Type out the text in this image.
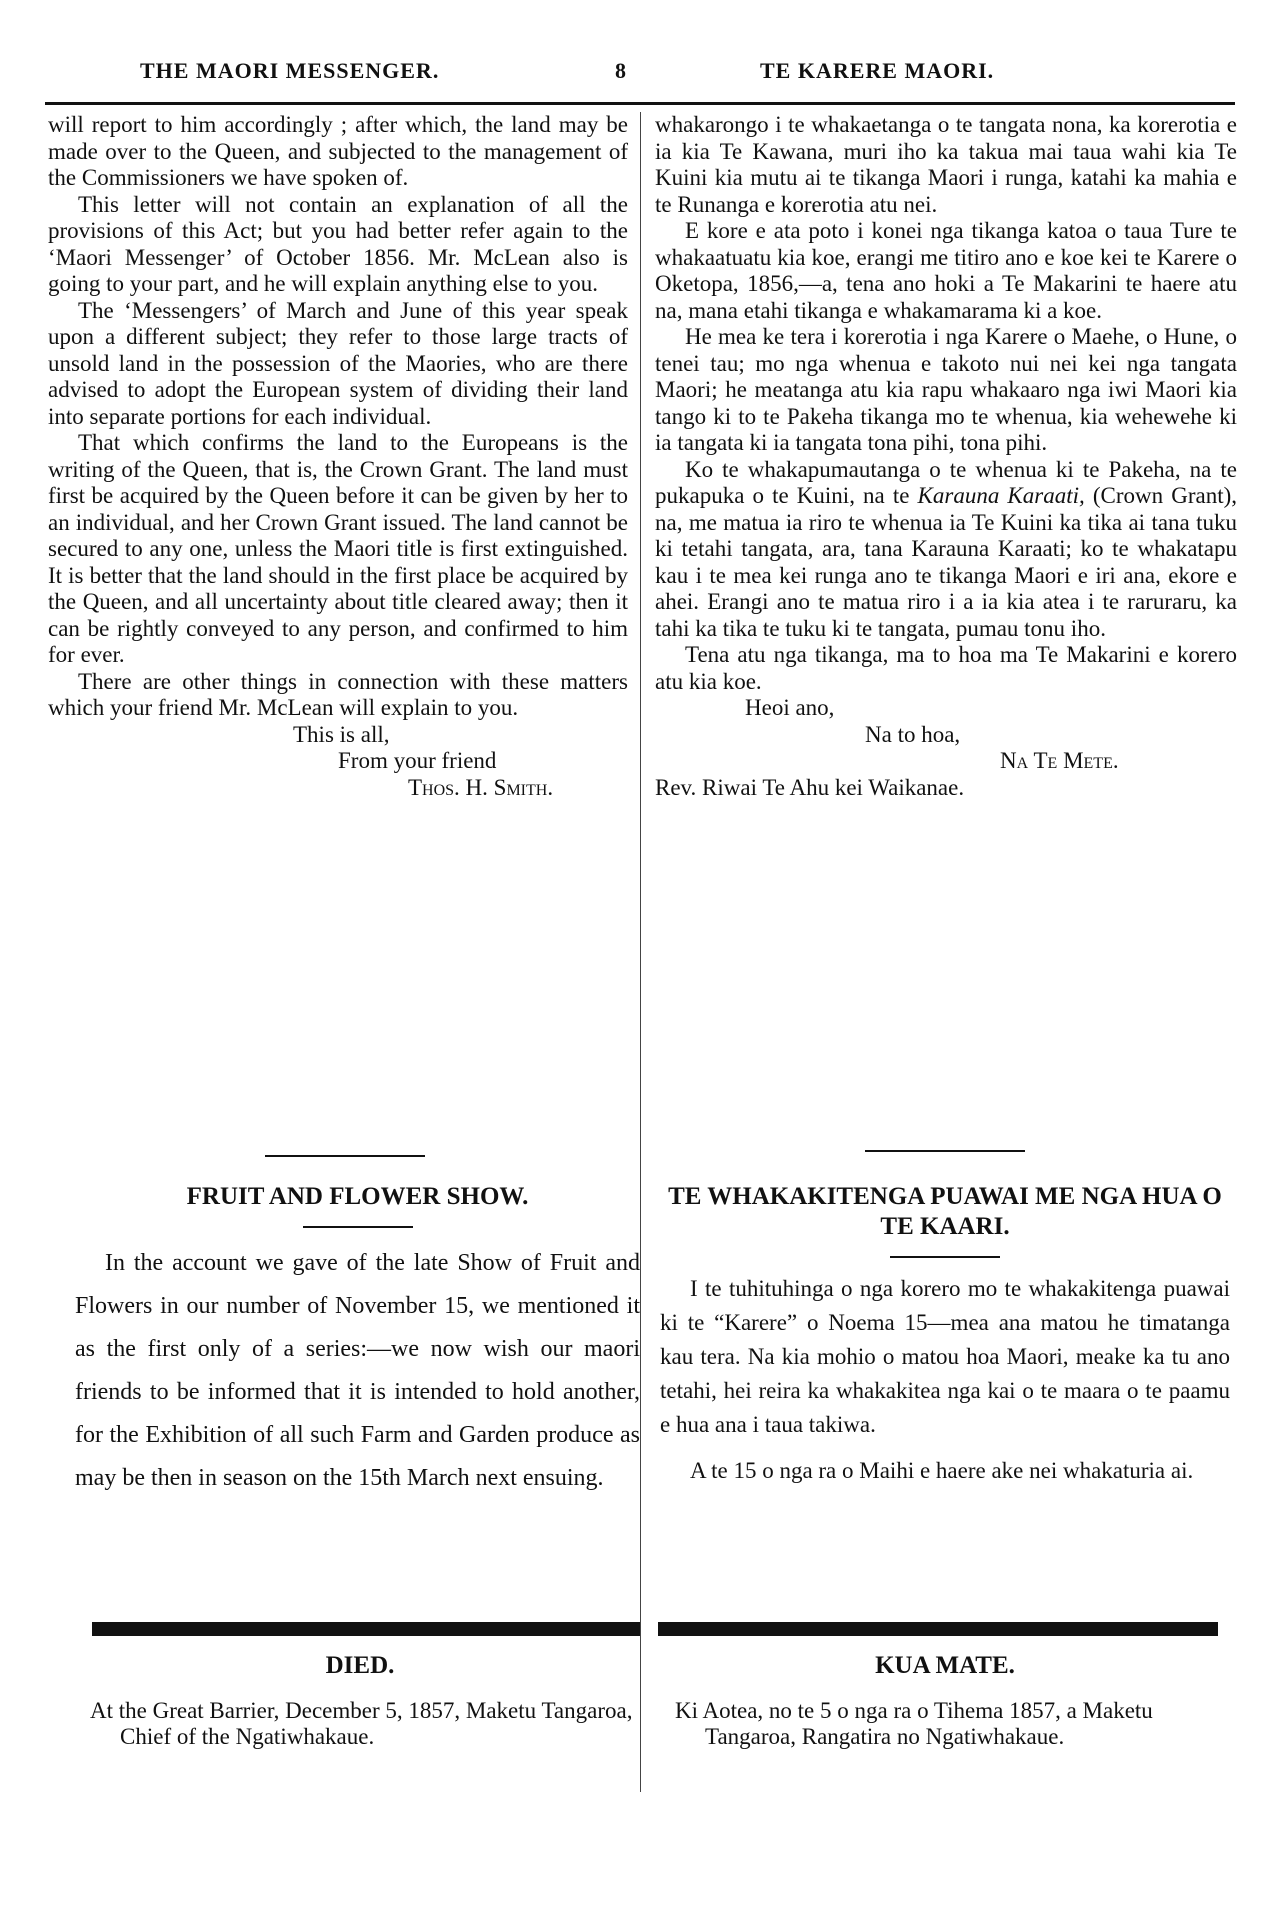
THE MAORI MESSENGER.	8	TE KARERE MAORI.

will report to him accordingly ; after which, the land may be made over to the Queen, and subjected to the management of the Commissioners we have spoken of.

This letter will not contain an explanation of all the provisions of this Act; but you had better refer again to the ‘Maori Messenger’ of October 1856. Mr. McLean also is going to your part, and he will explain anything else to you.

The ‘Messengers’ of March and June of this year speak upon a different subject; they refer to those large tracts of unsold land in the possession of the Maories, who are there advised to adopt the European system of dividing their land into separate portions for each individual.

That which confirms the land to the Europeans is the writing of the Queen, that is, the Crown Grant. The land must first be acquired by the Queen before it can be given by her to an individual, and her Crown Grant issued. The land cannot be secured to any one, unless the Maori title is first extinguished. It is better that the land should in the first place be acquired by the Queen, and all uncertainty about title cleared away; then it can be rightly conveyed to any person, and confirmed to him for ever.

There are other things in connection with these matters which your friend Mr. McLean will explain to you.

This is all,

From your friend

Thos. H. Smith.

whakarongo i te whakaetanga o te tangata nona, ka korerotia e ia kia Te Kawana, muri iho ka takua mai taua wahi kia Te Kuini kia mutu ai te tikanga Maori i runga, katahi ka mahia e te Runanga e korerotia atu nei.

E kore e ata poto i konei nga tikanga katoa o taua Ture te whakaatuatu kia koe, erangi me titiro ano e koe kei te Karere o Oketopa, 1856,—a, tena ano hoki a Te Makarini te haere atu na, mana etahi tikanga e whakamarama ki a koe.

He mea ke tera i korerotia i nga Karere o Maehe, o Hune, o tenei tau; mo nga whenua e takoto nui nei kei nga tangata Maori; he meatanga atu kia rapu whakaaro nga iwi Maori kia tango ki to te Pakeha tikanga mo te whenua, kia wehewehe ki ia tangata ki ia tangata tona pihi, tona pihi.

Ko te whakapumautanga o te whenua ki te Pakeha, na te pukapuka o te Kuini, na te Karauna Karaati, (Crown Grant), na, me matua ia riro te whenua ia Te Kuini ka tika ai tana tuku ki tetahi tangata, ara, tana Karauna Karaati; ko te whakatapu kau i te mea kei runga ano te tikanga Maori e iri ana, ekore e ahei. Erangi ano te matua riro i a ia kia atea i te raruraru, ka tahi ka tika te tuku ki te tangata, pumau tonu iho.

Tena atu nga tikanga, ma to hoa ma Te Makarini e korero atu kia koe.

Heoi ano,

Na to hoa,

Na Te Mete.

Rev. Riwai Te Ahu kei Waikanae.

FRUIT AND FLOWER SHOW.

In the account we gave of the late Show of Fruit and Flowers in our number of November 15, we mentioned it as the first only of a series:—we now wish our maori friends to be informed that it is intended to hold another, for the Exhibition of all such Farm and Garden produce as may be then in season on the 15th March next ensuing.

TE WHAKAKITENGA PUAWAI ME NGA HUA O TE KAARI.

I te tuhituhinga o nga korero mo te whakakitenga puawai ki te “Karere” o Noema 15—mea ana matou he timatanga kau tera. Na kia mohio o matou hoa Maori, meake ka tu ano tetahi, hei reira ka whakakitea nga kai o te maara o te paamu e hua ana i taua takiwa.

A te 15 o nga ra o Maihi e haere ake nei whakaturia ai.

DIED.

At the Great Barrier, December 5, 1857, Maketu Tangaroa, Chief of the Ngatiwhakaue.

KUA MATE.

Ki Aotea, no te 5 o nga ra o Tihema 1857, a Maketu Tangaroa, Rangatira no Ngatiwhakaue.
